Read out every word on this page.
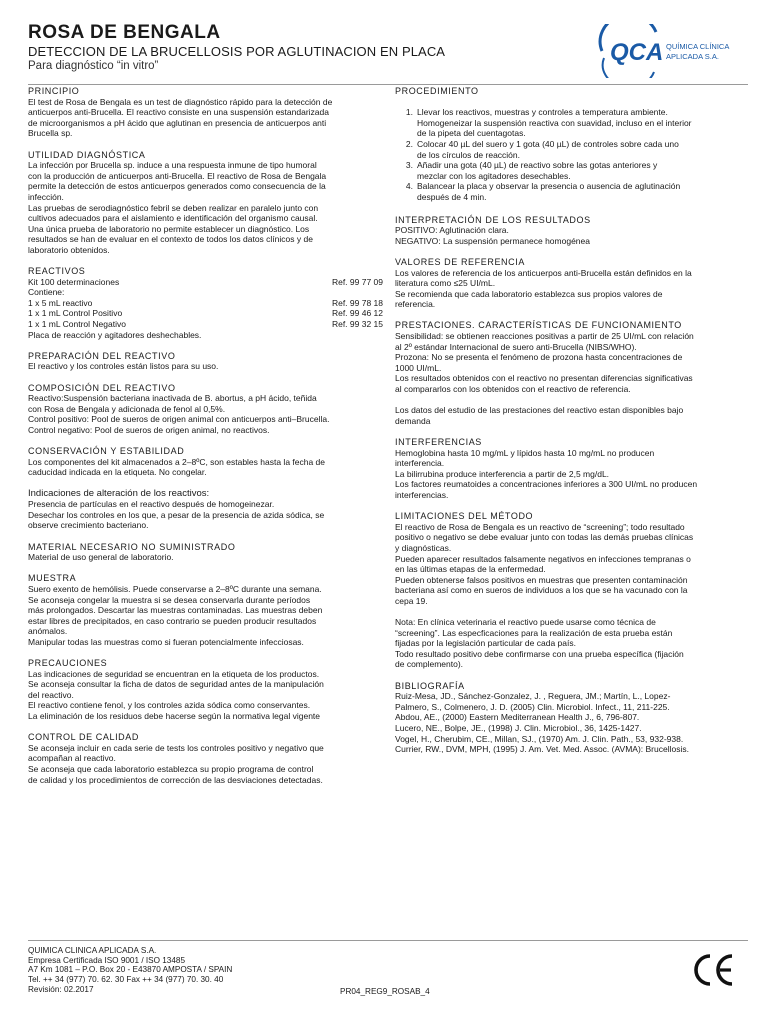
ROSA DE BENGALA
DETECCION DE LA BRUCELLOSIS POR AGLUTINACION EN PLACA
Para diagnóstico “in vitro”	QCA QUÍMICA CLÍNICA
APLICADA S.A.
PRINCIPIO
El test de Rosa de Bengala es un test de diagnóstico rápido para la detección de
anticuerpos anti-Brucella. El reactivo consiste en una suspensión estandarizada
de microorganismos a pH ácido que aglutinan en presencia de anticuerpos anti
Brucella sp.
UTILIDAD DIAGNÓSTICA
La infección por Brucella sp. induce a una respuesta inmune de tipo humoral
con la producción de anticuerpos anti-Brucella. El reactivo de Rosa de Bengala
permite la detección de estos anticuerpos generados como consecuencia de la
infección.
Las pruebas de serodiagnóstico febril se deben realizar en paralelo junto con
cultivos adecuados para el aislamiento e identificación del organismo causal.
Una única prueba de laboratorio no permite establecer un diagnóstico. Los
resultados se han de evaluar en el contexto de todos los datos clínicos y de
laboratorio obtenidos.
REACTIVOS
Kit 100 determinaciones	Ref. 99 77 09
Contiene:
1 x 5 mL reactivo	Ref. 99 78 18
1 x 1 mL Control Positivo	Ref. 99 46 12
1 x 1 mL Control Negativo	Ref. 99 32 15
Placa de reacción y agitadores deshechables.
PREPARACIÓN DEL REACTIVO
El reactivo y los controles están listos para su uso.
COMPOSICIÓN DEL REACTIVO
Reactivo:Suspensión bacteriana inactivada de B. abortus, a pH ácido, teñida
con Rosa de Bengala y adicionada de fenol al 0,5%.
Control positivo: Pool de sueros de origen animal con anticuerpos anti–Brucella.
Control negativo: Pool de sueros de origen animal, no reactivos.
CONSERVACIÓN Y ESTABILIDAD
Los componentes del kit almacenados a 2–8ºC, son estables hasta la fecha de
caducidad indicada en la etiqueta. No congelar.
Indicaciones de alteración de los reactivos:
Presencia de partículas en el reactivo después de homogeinezar.
Desechar los controles en los que, a pesar de la presencia de azida sódica, se
observe crecimiento bacteriano.
MATERIAL NECESARIO NO SUMINISTRADO
Material de uso general de laboratorio.
MUESTRA
Suero exento de hemólisis. Puede conservarse a 2–8ºC durante una semana.
Se aconseja congelar la muestra si se desea conservarla durante períodos
más prolongados. Descartar las muestras contaminadas. Las muestras deben
estar libres de precipitados, en caso contrario se pueden producir resultados
anómalos.
Manipular todas las muestras como si fueran potencialmente infecciosas.
PRECAUCIONES
Las indicaciones de seguridad se encuentran en la etiqueta de los productos.
Se aconseja consultar la ficha de datos de seguridad antes de la manipulación
del reactivo.
El reactivo contiene fenol, y los controles azida sódica como conservantes.
La eliminación de los residuos debe hacerse según la normativa legal vigente
CONTROL DE CALIDAD
Se aconseja incluir en cada serie de tests los controles positivo y negativo que
acompañan al reactivo.
Se aconseja que cada laboratorio establezca su propio programa de control
de calidad y los procedimientos de corrección de las desviaciones detectadas.
PROCEDIMIENTO
1. Llevar los reactivos, muestras y controles a temperatura ambiente.
Homogeneizar la suspensión reactiva con suavidad, incluso en el interior
de la pipeta del cuentagotas.
2. Colocar 40 µL del suero y 1 gota (40 µL) de controles sobre cada uno
de los círculos de reacción.
3. Añadir una gota (40 µL) de reactivo sobre las gotas anteriores y
mezclar con los agitadores desechables.
4. Balancear la placa y observar la presencia o ausencia de aglutinación
después de 4 min.
INTERPRETACIÓN DE LOS RESULTADOS
POSITIVO: Aglutinación clara.
NEGATIVO: La suspensión permanece homogénea
VALORES DE REFERENCIA
Los valores de referencia de los anticuerpos anti-Brucella están definidos en la
literatura como ≤25 UI/mL.
Se recomienda que cada laboratorio establezca sus propios valores de
referencia.
PRESTACIONES. CARACTERÍSTICAS DE FUNCIONAMIENTO
Sensibilidad: se obtienen reacciones positivas a partir de 25 UI/mL con relación
al 2º estándar Internacional de suero anti-Brucella (NIBS/WHO).
Prozona: No se presenta el fenómeno de prozona hasta concentraciones de
1000 UI/mL.
Los resultados obtenidos con el reactivo no presentan diferencias significativas
al compararlos con los obtenidos con el reactivo de referencia.
Los datos del estudio de las prestaciones del reactivo estan disponibles bajo
demanda
INTERFERENCIAS
Hemoglobina hasta 10 mg/mL y lípidos hasta 10 mg/mL no producen
interferencia.
La bilirrubina produce interferencia a partir de 2,5 mg/dL.
Los factores reumatoides a concentraciones inferiores a 300 UI/mL no producen
interferencias.
LIMITACIONES DEL MÉTODO
El reactivo de Rosa de Bengala es un reactivo de “screening”; todo resultado
positivo o negativo se debe evaluar junto con todas las demás pruebas clínicas
y diagnósticas.
Pueden aparecer resultados falsamente negativos en infecciones tempranas o
en las últimas etapas de la enfermedad.
Pueden obtenerse falsos positivos en muestras que presenten contaminación
bacteriana así como en sueros de individuos a los que se ha vacunado con la
cepa 19.
Nota: En clínica veterinaria el reactivo puede usarse como técnica de
“screening”. Las especficaciones para la realización de esta prueba están
fijadas por la legislación particular de cada país.
Todo resultado positivo debe confirmarse con una prueba específica (fijación
de complemento).
BIBLIOGRAFÍA
Ruiz-Mesa, JD., Sánchez-Gonzalez, J. , Reguera, JM.; Martín, L., Lopez-
Palmero, S., Colmenero, J. D. (2005) Clin. Microbiol. Infect., 11, 211-225.
Abdou, AE., (2000) Eastern Mediterranean Health J., 6, 796-807.
Lucero, NE., Bolpe, JE., (1998) J. Clin. Microbiol., 36, 1425-1427.
Vogel, H., Cherubim, CE., Millan, SJ., (1970) Am. J. Clin. Path., 53, 932-938.
Currier, RW., DVM, MPH, (1995) J. Am. Vet. Med. Assoc. (AVMA): Brucellosis.
QUIMICA CLINICA APLICADA S.A.
Empresa Certificada ISO 9001 / ISO 13485
A7 Km 1081 – P.O. Box 20 - E43870 AMPOSTA / SPAIN
Tel. ++ 34 (977) 70. 62. 30 Fax ++ 34 (977) 70. 30. 40
Revisión: 02.2017	PR04_REG9_ROSAB_4
